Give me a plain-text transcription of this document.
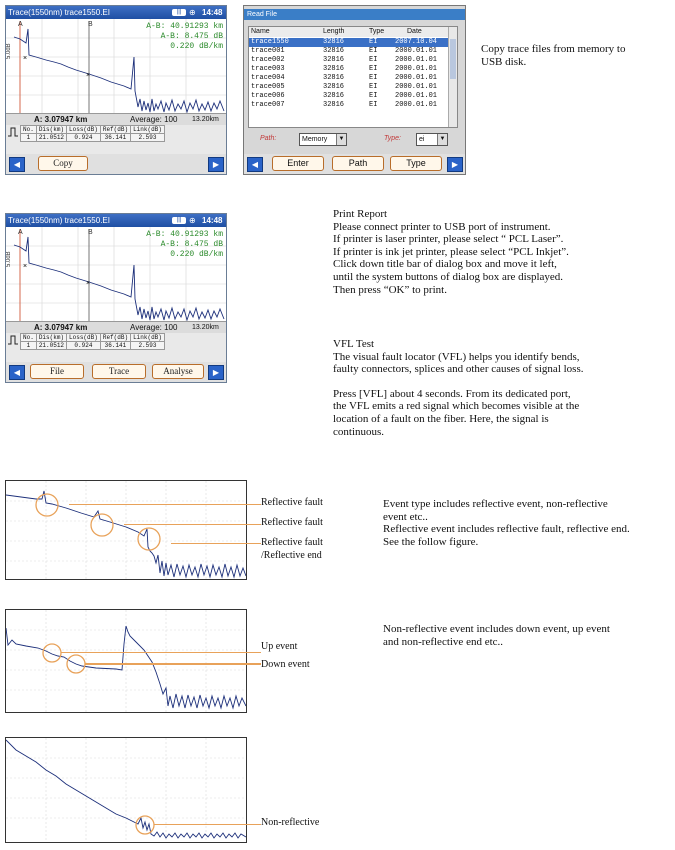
Trace(1550nm) trace1550.EI	||| ⊕ 14:48
×
×
A	B
5.0dB
A-B: 40.91293 km
A-B: 8.475 dB
0.220 dB/km
A: 3.07947 km	Average: 100 13.20km
No.	Dis(km)	Loss(dB)	Ref(dB)	Link(dB)
1	21.0512	0.924	36.141	2.593
◀	Copy	▶
Read File
Name	Length	Type	Date
trace1550	32816	EI	2007.10.04
trace001	32816	EI	2000.01.01
trace002	32816	EI	2000.01.01
trace003	32816	EI	2000.01.01
trace004	32816	EI	2000.01.01
trace005	32816	EI	2000.01.01
trace006	32816	EI	2000.01.01
trace007	32816	EI	2000.01.01
Path:	Memory	▼	Type:	ei	▼
◀	Enter	Path	Type	▶
Copy trace files from memory to USB disk.
Trace(1550nm) trace1550.EI	||| ⊕ 14:48
×
×
A	B
5.0dB
A-B: 40.91293 km
A-B: 8.475 dB
0.220 dB/km
A: 3.07947 km	Average: 100 13.20km
No.	Dis(km)	Loss(dB)	Ref(dB)	Link(dB)
1	21.0512	0.924	36.141	2.593
◀	File	Trace	Analyse	▶
Print Report
Please connect printer to USB port of instrument.
If printer is laser printer, please select “ PCL Laser”.
If printer is ink jet printer, please select “PCL Inkjet”.
Click down title bar of dialog box and move it left,
until the system buttons of dialog box are displayed.
Then press “OK” to print.
VFL Test
The visual fault locator (VFL) helps you identify bends,
faulty connectors, splices and other causes of signal loss.
Press [VFL] about 4 seconds. From its dedicated port,
the VFL emits a red signal which becomes visible at the
location of a fault on the fiber. Here, the signal is
continuous.
Reflective fault
Reflective fault
Reflective fault
/Reflective end
Event type includes reflective event, non-reflective
event etc..
Reflective event includes reflective fault, reflective end.
See the follow figure.
Up event
Down event
Non-reflective event includes down event, up event
and non-reflective end etc..
Non-reflective
